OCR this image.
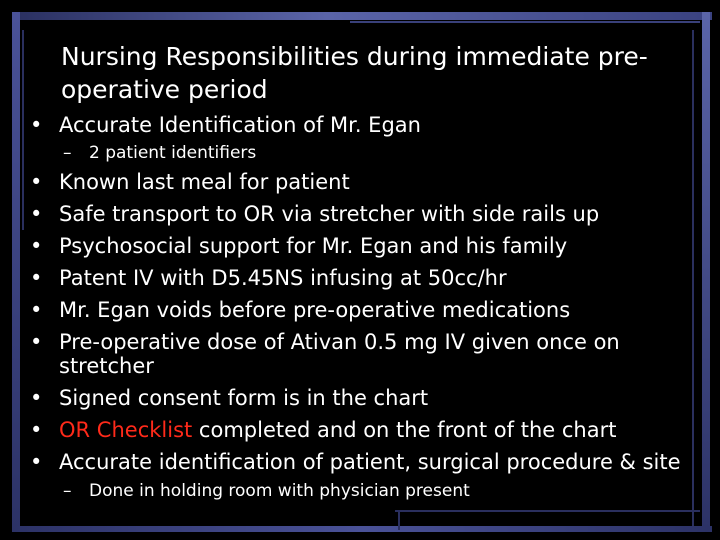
Nursing Responsibilities during immediate pre-operative period
• Accurate Identification of Mr. Egan
– 2 patient identifiers
• Known last meal for patient
• Safe transport to OR via stretcher with side rails up
• Psychosocial support for Mr. Egan and his family
• Patent IV with D5.45NS infusing at 50cc/hr
• Mr. Egan voids before pre-operative medications
• Pre-operative dose of Ativan 0.5 mg IV given once on
stretcher
• Signed consent form is in the chart
• OR Checklist completed and on the front of the chart
• Accurate identification of patient, surgical procedure & site
– Done in holding room with physician present
